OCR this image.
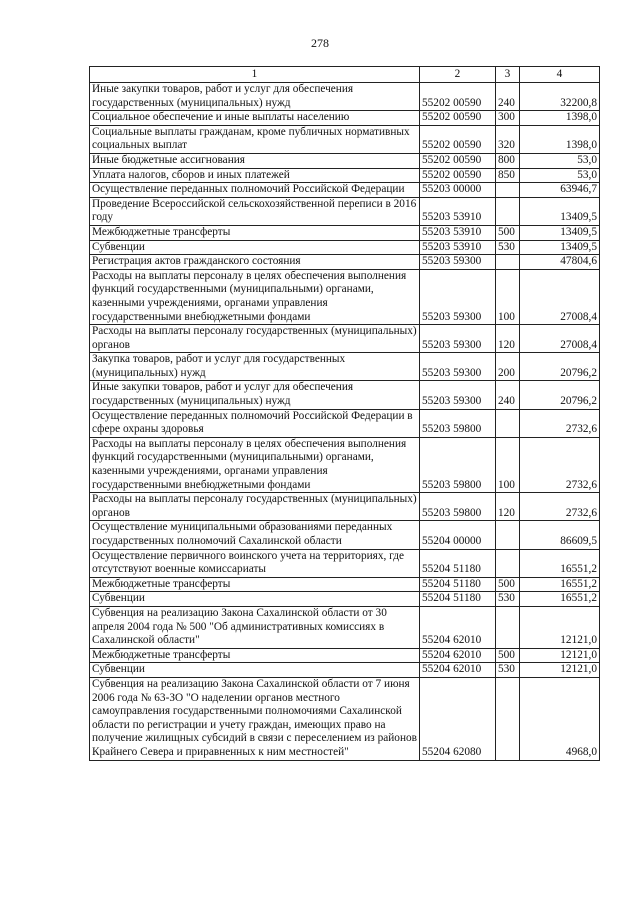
278
1	2	3	4
Иные закупки товаров, работ и услуг для обеспечения государственных (муниципальных) нужд	55202 00590	240	32200,8
Социальное обеспечение и иные выплаты населению	55202 00590	300	1398,0
Социальные выплаты гражданам, кроме публичных нормативных социальных выплат	55202 00590	320	1398,0
Иные бюджетные ассигнования	55202 00590	800	53,0
Уплата налогов, сборов и иных платежей	55202 00590	850	53,0
Осуществление переданных полномочий Российской Федерации	55203 00000		63946,7
Проведение Всероссийской сельскохозяйственной переписи в 2016 году	55203 53910		13409,5
Межбюджетные трансферты	55203 53910	500	13409,5
Субвенции	55203 53910	530	13409,5
Регистрация актов гражданского состояния	55203 59300		47804,6
Расходы на выплаты персоналу в целях обеспечения выполнения функций государственными (муниципальными) органами, казенными учреждениями, органами управления государственными внебюджетными фондами	55203 59300	100	27008,4
Расходы на выплаты персоналу государственных (муниципальных) органов	55203 59300	120	27008,4
Закупка товаров, работ и услуг для государственных (муниципальных) нужд	55203 59300	200	20796,2
Иные закупки товаров, работ и услуг для обеспечения государственных (муниципальных) нужд	55203 59300	240	20796,2
Осуществление переданных полномочий Российской Федерации в сфере охраны здоровья	55203 59800		2732,6
Расходы на выплаты персоналу в целях обеспечения выполнения функций государственными (муниципальными) органами, казенными учреждениями, органами управления государственными внебюджетными фондами	55203 59800	100	2732,6
Расходы на выплаты персоналу государственных (муниципальных) органов	55203 59800	120	2732,6
Осуществление муниципальными образованиями переданных государственных полномочий Сахалинской области	55204 00000		86609,5
Осуществление первичного воинского учета на территориях, где отсутствуют военные комиссариаты	55204 51180		16551,2
Межбюджетные трансферты	55204 51180	500	16551,2
Субвенции	55204 51180	530	16551,2
Субвенция на реализацию Закона Сахалинской области от 30 апреля 2004 года № 500 "Об административных комиссиях в Сахалинской области"	55204 62010		12121,0
Межбюджетные трансферты	55204 62010	500	12121,0
Субвенции	55204 62010	530	12121,0
Субвенция на реализацию Закона Сахалинской области от 7 июня 2006 года № 63-ЗО "О наделении органов местного самоуправления государственными полномочиями Сахалинской области по регистрации и учету граждан, имеющих право на получение жилищных субсидий в связи с переселением из районов Крайнего Севера и приравненных к ним местностей"	55204 62080		4968,0
